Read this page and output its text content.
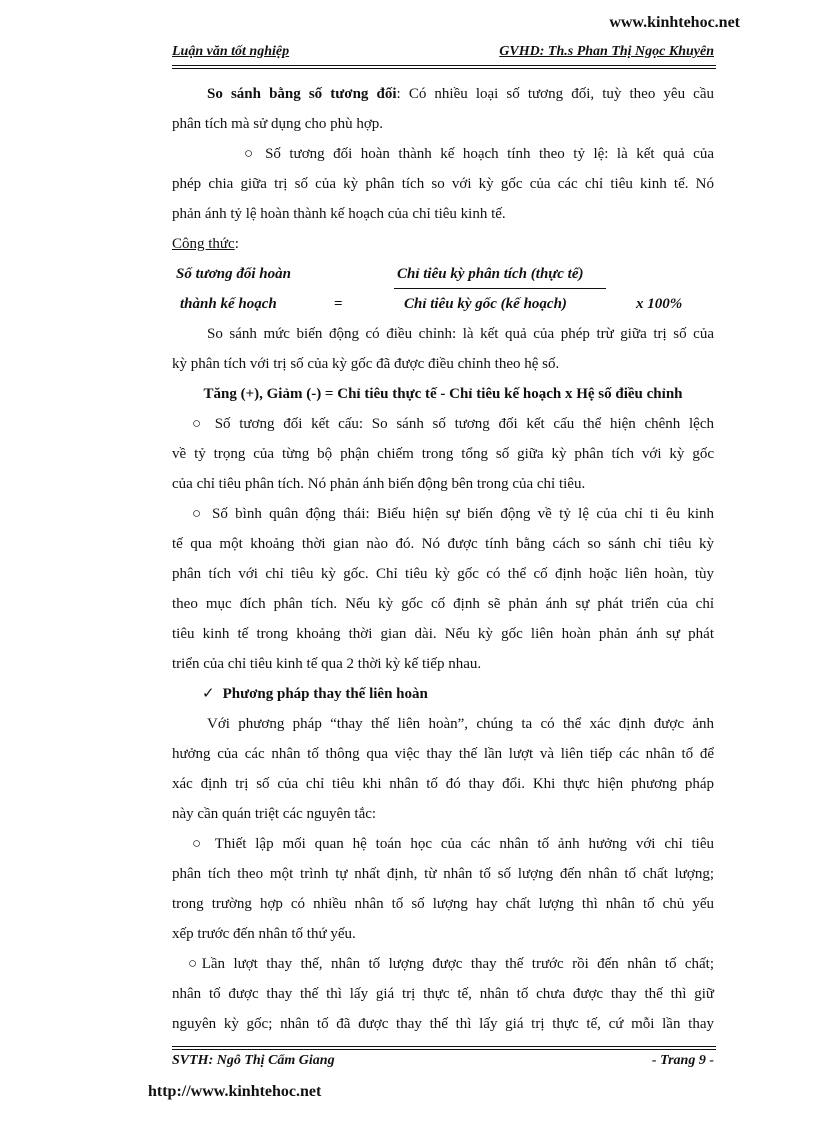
www.kinhtehoc.net
Luận văn tốt nghiệp	GVHD: Th.s Phan Thị Ngọc Khuyên
So sánh bằng số tương đối: Có nhiều loại số tương đối, tuỳ theo yêu cầu
phân tích mà sử dụng cho phù hợp.
○ Số tương đối hoàn thành kế hoạch tính theo tỷ lệ: là kết quả của
phép chia giữa trị số của kỳ phân tích so với kỳ gốc của các chỉ tiêu kinh tế. Nó
phản ánh tỷ lệ hoàn thành kế hoạch của chỉ tiêu kinh tế.
Công thức:
Số tương đối hoàn
thành kế hoạch	=
Chỉ tiêu kỳ phân tích (thực tế)
Chỉ tiêu kỳ gốc (kế hoạch)	x 100%
So sánh mức biến động có điều chỉnh: là kết quả của phép trừ giữa trị số của
kỳ phân tích với trị số của kỳ gốc đã được điều chỉnh theo hệ số.
Tăng (+), Giảm (-) = Chỉ tiêu thực tế - Chỉ tiêu kế hoạch x Hệ số điều chỉnh
○ Số tương đối kết cấu: So sánh số tương đối kết cấu thể hiện chênh lệch
về tỷ trọng của từng bộ phận chiếm trong tổng số giữa kỳ phân tích với kỳ gốc
của chỉ tiêu phân tích. Nó phản ánh biến động bên trong của chỉ tiêu.
○ Số bình quân động thái: Biểu hiện sự biến động về tỷ lệ của chỉ ti êu kinh
tế qua một khoảng thời gian nào đó. Nó được tính bằng cách so sánh chỉ tiêu kỳ
phân tích với chỉ tiêu kỳ gốc. Chỉ tiêu kỳ gốc có thể cố định hoặc liên hoàn, tùy
theo mục đích phân tích. Nếu kỳ gốc cố định sẽ phản ánh sự phát triển của chỉ
tiêu kinh tế trong khoảng thời gian dài. Nếu kỳ gốc liên hoàn phản ánh sự phát
triển của chỉ tiêu kinh tế qua 2 thời kỳ kế tiếp nhau.
✓ Phương pháp thay thế liên hoàn
Với phương pháp “thay thế liên hoàn”, chúng ta có thể xác định được ảnh
hưởng của các nhân tố thông qua việc thay thế lần lượt và liên tiếp các nhân tố để
xác định trị số của chỉ tiêu khi nhân tố đó thay đổi. Khi thực hiện phương pháp
này cần quán triệt các nguyên tắc:
○ Thiết lập mối quan hệ toán học của các nhân tố ảnh hưởng với chỉ tiêu
phân tích theo một trình tự nhất định, từ nhân tố số lượng đến nhân tố chất lượng;
trong trường hợp có nhiều nhân tố số lượng hay chất lượng thì nhân tố chủ yếu
xếp trước đến nhân tố thứ yếu.
○Lần lượt thay thế, nhân tố lượng được thay thế trước rồi đến nhân tố chất;
nhân tố được thay thế thì lấy giá trị thực tế, nhân tố chưa được thay thế thì giữ
nguyên kỳ gốc; nhân tố đã được thay thế thì lấy giá trị thực tế, cứ mỗi lần thay
SVTH: Ngô Thị Cẩm Giang	- Trang 9 -
http://www.kinhtehoc.net
